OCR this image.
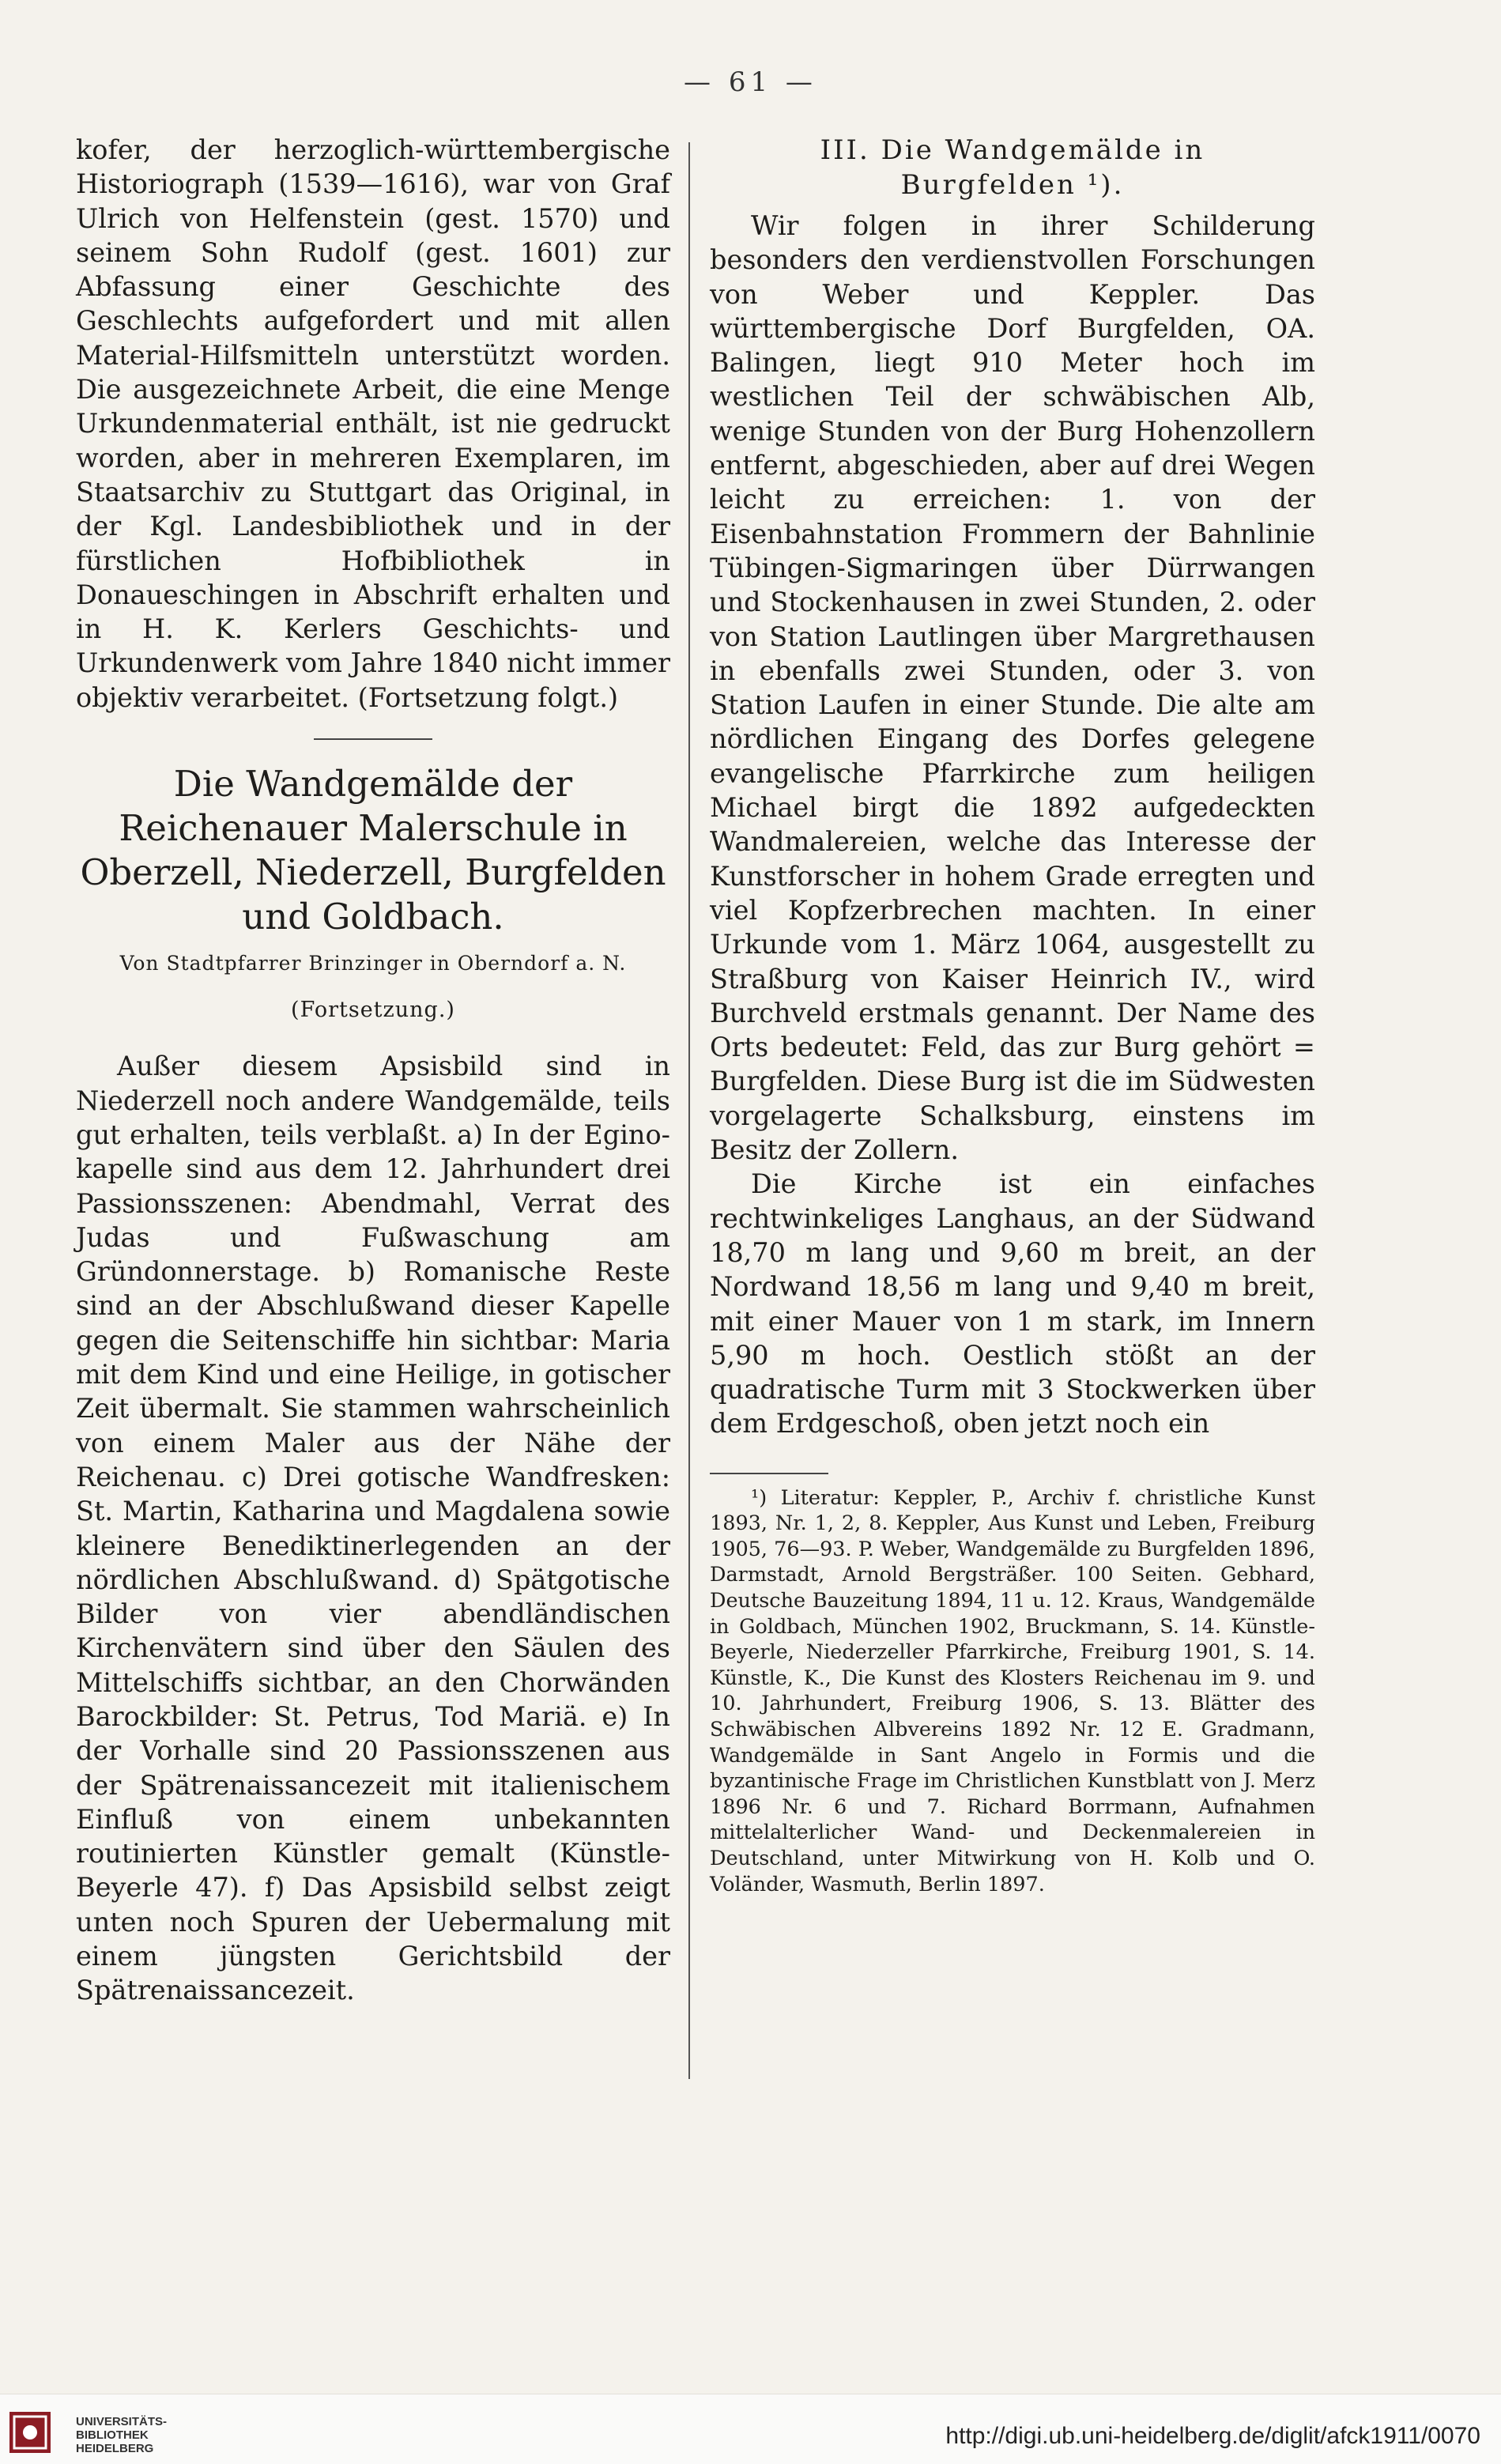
— 61 —
kofer, der herzoglich-württembergische Historiograph (1539—1616), war von Graf Ulrich von Helfenstein (gest. 1570) und seinem Sohn Rudolf (gest. 1601) zur Abfassung einer Geschichte des Geschlechts aufgefordert und mit allen Material-Hilfsmitteln unterstützt worden. Die ausgezeichnete Arbeit, die eine Menge Urkundenmaterial enthält, ist nie gedruckt worden, aber in mehreren Exemplaren, im Staatsarchiv zu Stuttgart das Original, in der Kgl. Landesbibliothek und in der fürstlichen Hofbibliothek in Donaueschingen in Abschrift erhalten und in H. K. Kerlers Geschichts- und Urkundenwerk vom Jahre 1840 nicht immer objektiv verarbeitet. (Fortsetzung folgt.)
Die Wandgemälde der Reichenauer Malerschule in Oberzell, Niederzell, Burgfelden und Goldbach.
Von Stadtpfarrer Brinzinger in Oberndorf a. N.
(Fortsetzung.)
Außer diesem Apsisbild sind in Niederzell noch andere Wandgemälde, teils gut erhalten, teils verblaßt. a) In der Egino-kapelle sind aus dem 12. Jahrhundert drei Passionsszenen: Abendmahl, Verrat des Judas und Fußwaschung am Gründonnerstage. b) Romanische Reste sind an der Abschlußwand dieser Kapelle gegen die Seitenschiffe hin sichtbar: Maria mit dem Kind und eine Heilige, in gotischer Zeit übermalt. Sie stammen wahrscheinlich von einem Maler aus der Nähe der Reichenau. c) Drei gotische Wandfresken: St. Martin, Katharina und Magdalena sowie kleinere Benediktinerlegenden an der nördlichen Abschlußwand. d) Spätgotische Bilder von vier abendländischen Kirchenvätern sind über den Säulen des Mittelschiffs sichtbar, an den Chorwänden Barockbilder: St. Petrus, Tod Mariä. e) In der Vorhalle sind 20 Passionsszenen aus der Spätrenaissancezeit mit italienischem Einfluß von einem unbekannten routinierten Künstler gemalt (Künstle-Beyerle 47). f) Das Apsisbild selbst zeigt unten noch Spuren der Uebermalung mit einem jüngsten Gerichtsbild der Spätrenaissancezeit.
III. Die Wandgemälde in
Burgfelden ¹).
Wir folgen in ihrer Schilderung besonders den verdienstvollen Forschungen von Weber und Keppler. Das württembergische Dorf Burgfelden, OA. Balingen, liegt 910 Meter hoch im westlichen Teil der schwäbischen Alb, wenige Stunden von der Burg Hohenzollern entfernt, abgeschieden, aber auf drei Wegen leicht zu erreichen: 1. von der Eisenbahnstation Frommern der Bahnlinie Tübingen-Sigmaringen über Dürrwangen und Stockenhausen in zwei Stunden, 2. oder von Station Lautlingen über Margrethausen in ebenfalls zwei Stunden, oder 3. von Station Laufen in einer Stunde. Die alte am nördlichen Eingang des Dorfes gelegene evangelische Pfarrkirche zum heiligen Michael birgt die 1892 aufgedeckten Wandmalereien, welche das Interesse der Kunstforscher in hohem Grade erregten und viel Kopfzerbrechen machten. In einer Urkunde vom 1. März 1064, ausgestellt zu Straßburg von Kaiser Heinrich IV., wird Burchveld erstmals genannt. Der Name des Orts bedeutet: Feld, das zur Burg gehört = Burgfelden. Diese Burg ist die im Südwesten vorgelagerte Schalksburg, einstens im Besitz der Zollern.
Die Kirche ist ein einfaches rechtwinkeliges Langhaus, an der Südwand 18,70 m lang und 9,60 m breit, an der Nordwand 18,56 m lang und 9,40 m breit, mit einer Mauer von 1 m stark, im Innern 5,90 m hoch. Oestlich stößt an der quadratische Turm mit 3 Stockwerken über dem Erdgeschoß, oben jetzt noch ein
¹) Literatur: Keppler, P., Archiv f. christliche Kunst 1893, Nr. 1, 2, 8. Keppler, Aus Kunst und Leben, Freiburg 1905, 76—93. P. Weber, Wandgemälde zu Burgfelden 1896, Darmstadt, Arnold Bergsträßer. 100 Seiten. Gebhard, Deutsche Bauzeitung 1894, 11 u. 12. Kraus, Wandgemälde in Goldbach, München 1902, Bruckmann, S. 14. Künstle-Beyerle, Niederzeller Pfarrkirche, Freiburg 1901, S. 14. Künstle, K., Die Kunst des Klosters Reichenau im 9. und 10. Jahrhundert, Freiburg 1906, S. 13. Blätter des Schwäbischen Albvereins 1892 Nr. 12 E. Gradmann, Wandgemälde in Sant Angelo in Formis und die byzantinische Frage im Christlichen Kunstblatt von J. Merz 1896 Nr. 6 und 7. Richard Borrmann, Aufnahmen mittelalterlicher Wand- und Deckenmalereien in Deutschland, unter Mitwirkung von H. Kolb und O. Voländer, Wasmuth, Berlin 1897.
UNIVERSITÄTS-
BIBLIOTHEK
HEIDELBERG	http://digi.ub.uni-heidelberg.de/diglit/afck1911/0070
